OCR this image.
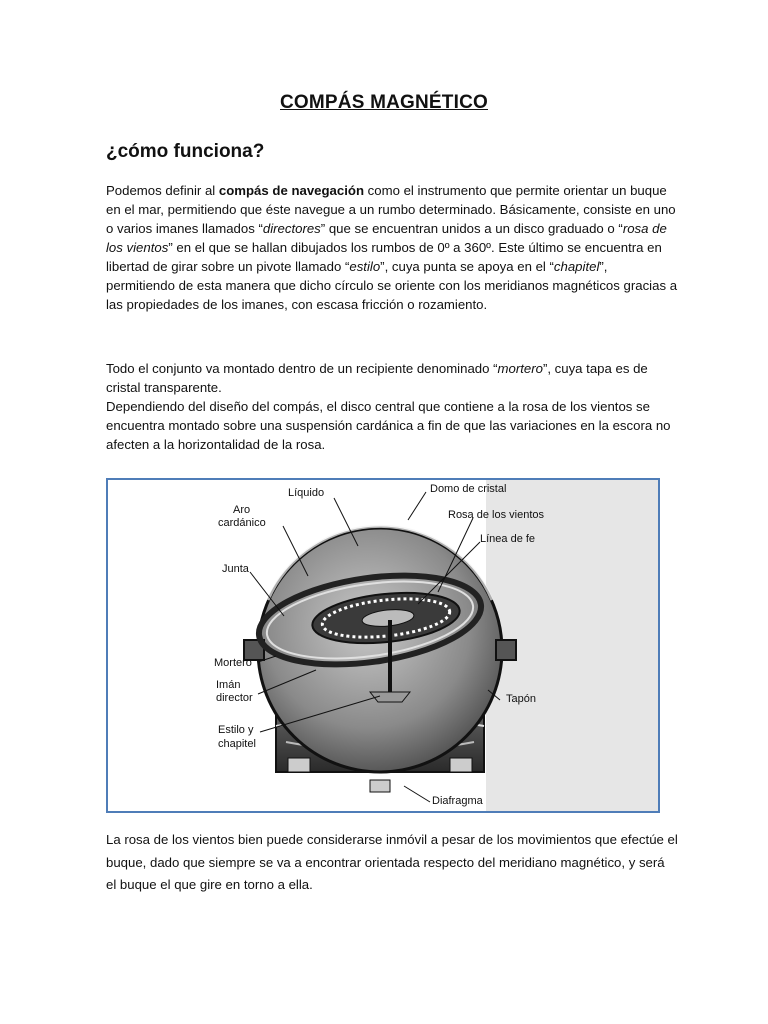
COMPÁS MAGNÉTICO
¿cómo funciona?

Podemos definir al compás de navegación como el instrumento que permite orientar un buque en el mar, permitiendo que éste navegue a un rumbo determinado. Básicamente, consiste en uno o varios imanes llamados “directores” que se encuentran unidos a un disco graduado o “rosa de los vientos” en el que se hallan dibujados los rumbos de 0º a 360º. Este último se encuentra en libertad de girar sobre un pivote llamado “estilo”, cuya punta se apoya en el “chapitel”, permitiendo de esta manera que dicho círculo se oriente con los meridianos magnéticos gracias a las propiedades de los imanes, con escasa fricción o rozamiento.

Todo el conjunto va montado dentro de un recipiente denominado “mortero”, cuya tapa es de cristal transparente.

Dependiendo del diseño del compás, el disco central que contiene a la rosa de los vientos se encuentra montado sobre una suspensión cardánica a fin de que las variaciones en la escora no afecten a la horizontalidad de la rosa.

Líquido	Domo de cristal
Aro
cardánico
Rosa de los vientos
Línea de fe
Junta
Mortero
Imán
director	Tapón
Estilo y
chapitel
Diafragma

La rosa de los vientos bien puede considerarse inmóvil a pesar de los movimientos que efectúe el buque, dado que siempre se va a encontrar orientada respecto del meridiano magnético, y será el buque el que gire en torno a ella.
